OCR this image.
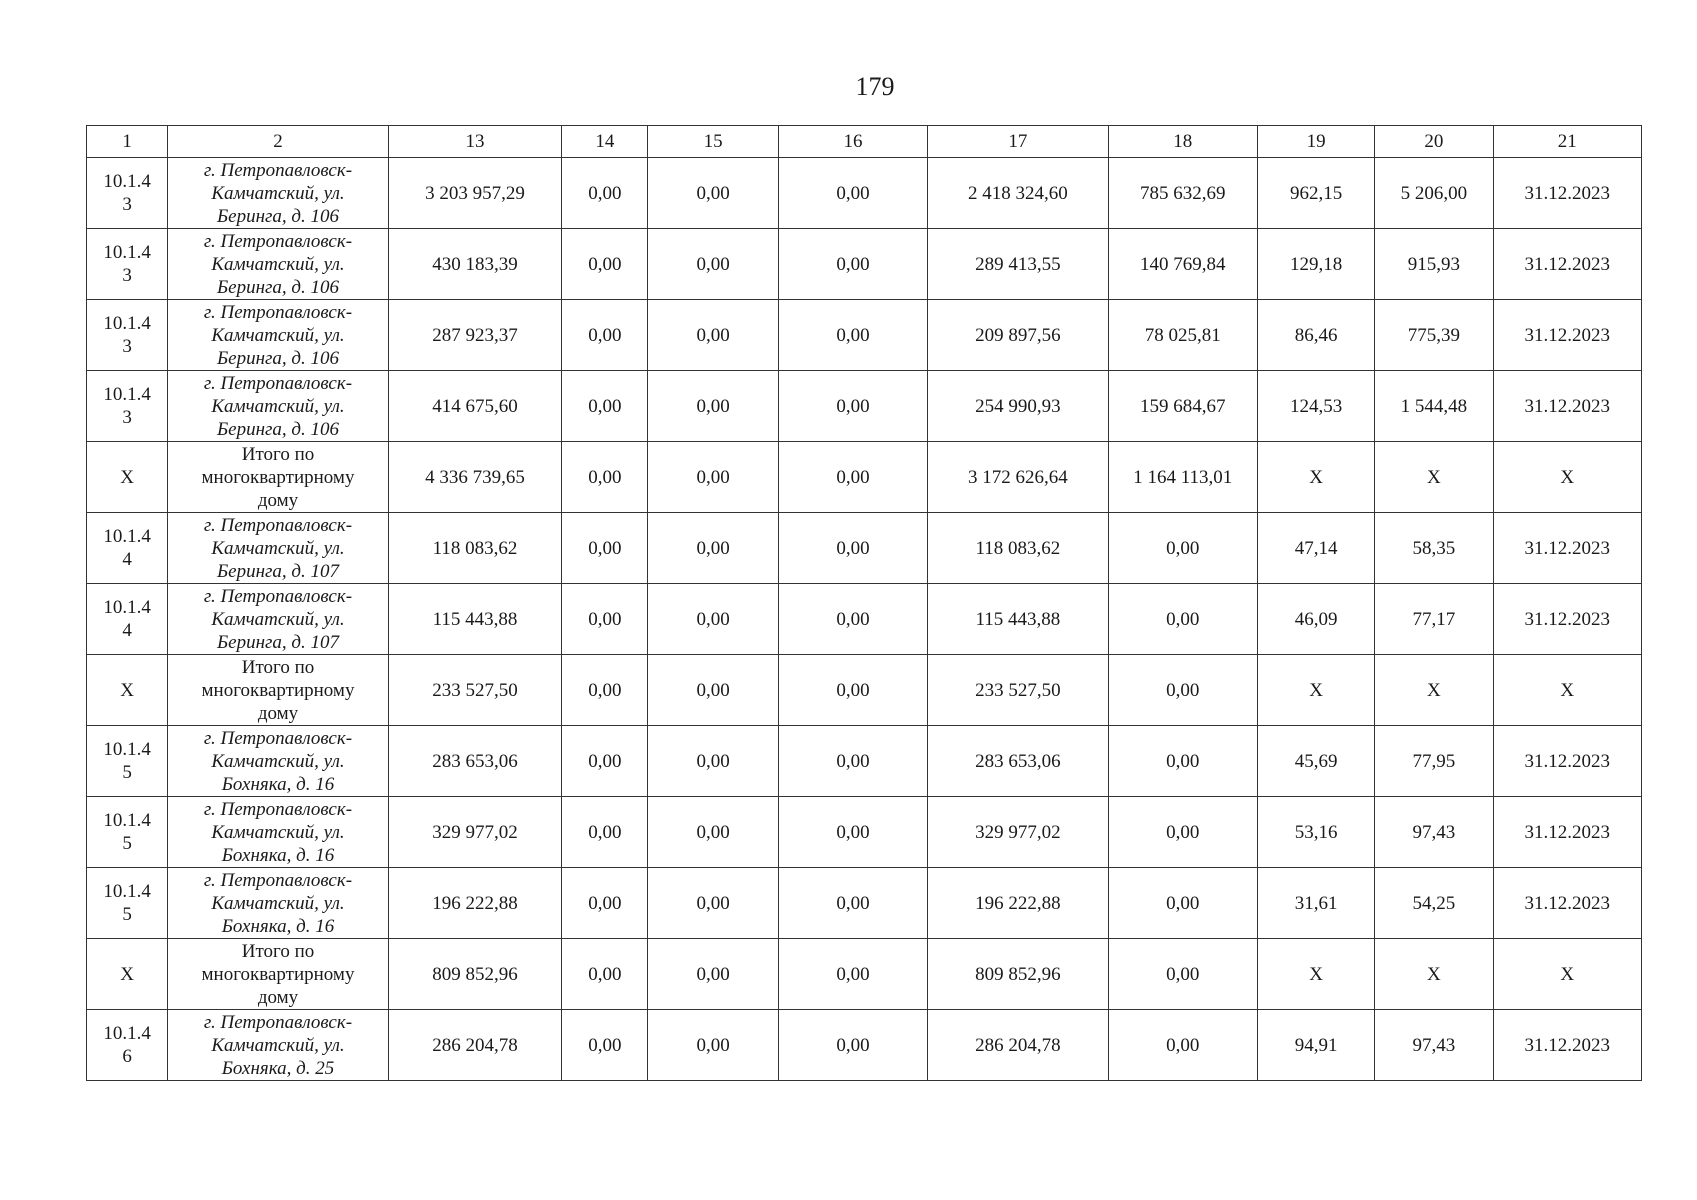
179
1	2	13	14	15	16	17	18	19	20	21

10.1.4
3	г. Петропавловск-
Камчатский, ул.
Беринга, д. 106	3 203 957,29	0,00	0,00	0,00	2 418 324,60	785 632,69	962,15	5 206,00	31.12.2023

10.1.4
3	г. Петропавловск-
Камчатский, ул.
Беринга, д. 106	430 183,39	0,00	0,00	0,00	289 413,55	140 769,84	129,18	915,93	31.12.2023

10.1.4
3	г. Петропавловск-
Камчатский, ул.
Беринга, д. 106	287 923,37	0,00	0,00	0,00	209 897,56	78 025,81	86,46	775,39	31.12.2023

10.1.4
3	г. Петропавловск-
Камчатский, ул.
Беринга, д. 106	414 675,60	0,00	0,00	0,00	254 990,93	159 684,67	124,53	1 544,48	31.12.2023

X	Итого по
многоквартирному
дому	4 336 739,65	0,00	0,00	0,00	3 172 626,64	1 164 113,01	X	X	X

10.1.4
4	г. Петропавловск-
Камчатский, ул.
Беринга, д. 107	118 083,62	0,00	0,00	0,00	118 083,62	0,00	47,14	58,35	31.12.2023

10.1.4
4	г. Петропавловск-
Камчатский, ул.
Беринга, д. 107	115 443,88	0,00	0,00	0,00	115 443,88	0,00	46,09	77,17	31.12.2023

X	Итого по
многоквартирному
дому	233 527,50	0,00	0,00	0,00	233 527,50	0,00	X	X	X

10.1.4
5	г. Петропавловск-
Камчатский, ул.
Бохняка, д. 16	283 653,06	0,00	0,00	0,00	283 653,06	0,00	45,69	77,95	31.12.2023

10.1.4
5	г. Петропавловск-
Камчатский, ул.
Бохняка, д. 16	329 977,02	0,00	0,00	0,00	329 977,02	0,00	53,16	97,43	31.12.2023

10.1.4
5	г. Петропавловск-
Камчатский, ул.
Бохняка, д. 16	196 222,88	0,00	0,00	0,00	196 222,88	0,00	31,61	54,25	31.12.2023

X	Итого по
многоквартирному
дому	809 852,96	0,00	0,00	0,00	809 852,96	0,00	X	X	X

10.1.4
6	г. Петропавловск-
Камчатский, ул.
Бохняка, д. 25	286 204,78	0,00	0,00	0,00	286 204,78	0,00	94,91	97,43	31.12.2023
